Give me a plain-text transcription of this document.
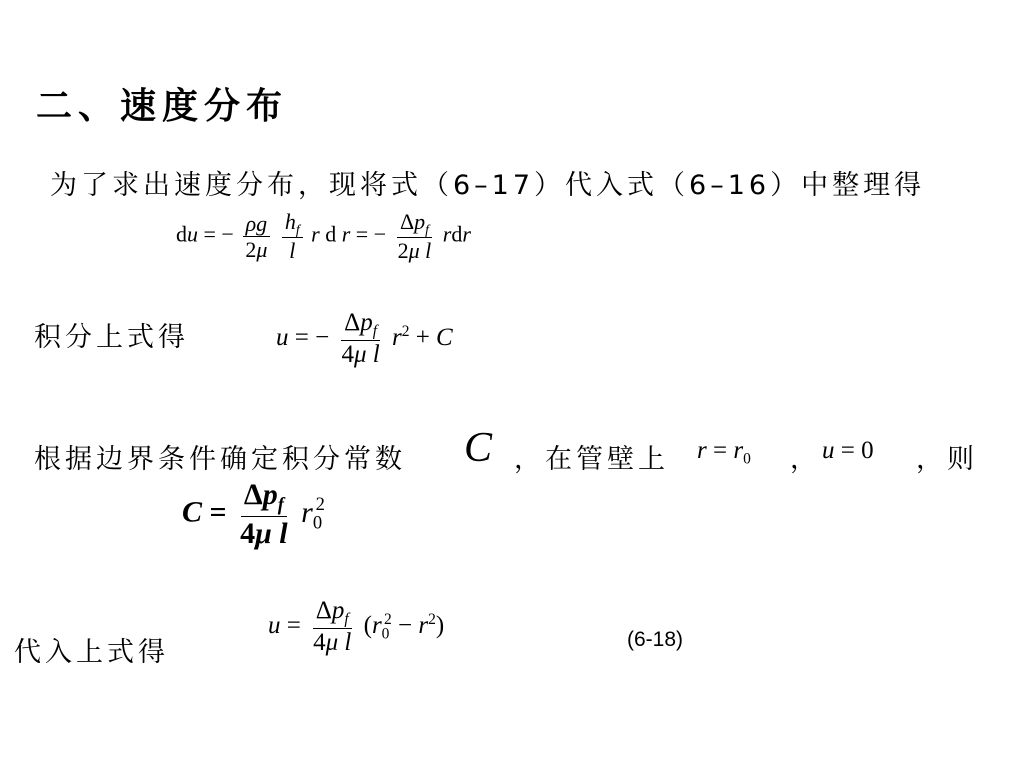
二、速度分布
为了求出速度分布，现将式（6–17）代入式（6–16）中整理得
du = − $\frac{\rho g}{2\mu}$
$\frac{h_f}{l}$ r d r = − $\frac{\Delta p_f}{\text{2μ l}}$ rdr
积分上式得	u = − $\frac{\Delta p_f}{\text{4μ l}} r^2 + C$
根据边界条件确定积分常数 C ，在管壁上 $r = r_0$ ， u = 0 ，则
$C = \frac{\Delta p_f}{\text{4μ l}} r_0^2$
代入上式得
$u = \frac{\Delta p_f}{\text{4μ l}} (r_0^2 - r^2)$
(6-18)
